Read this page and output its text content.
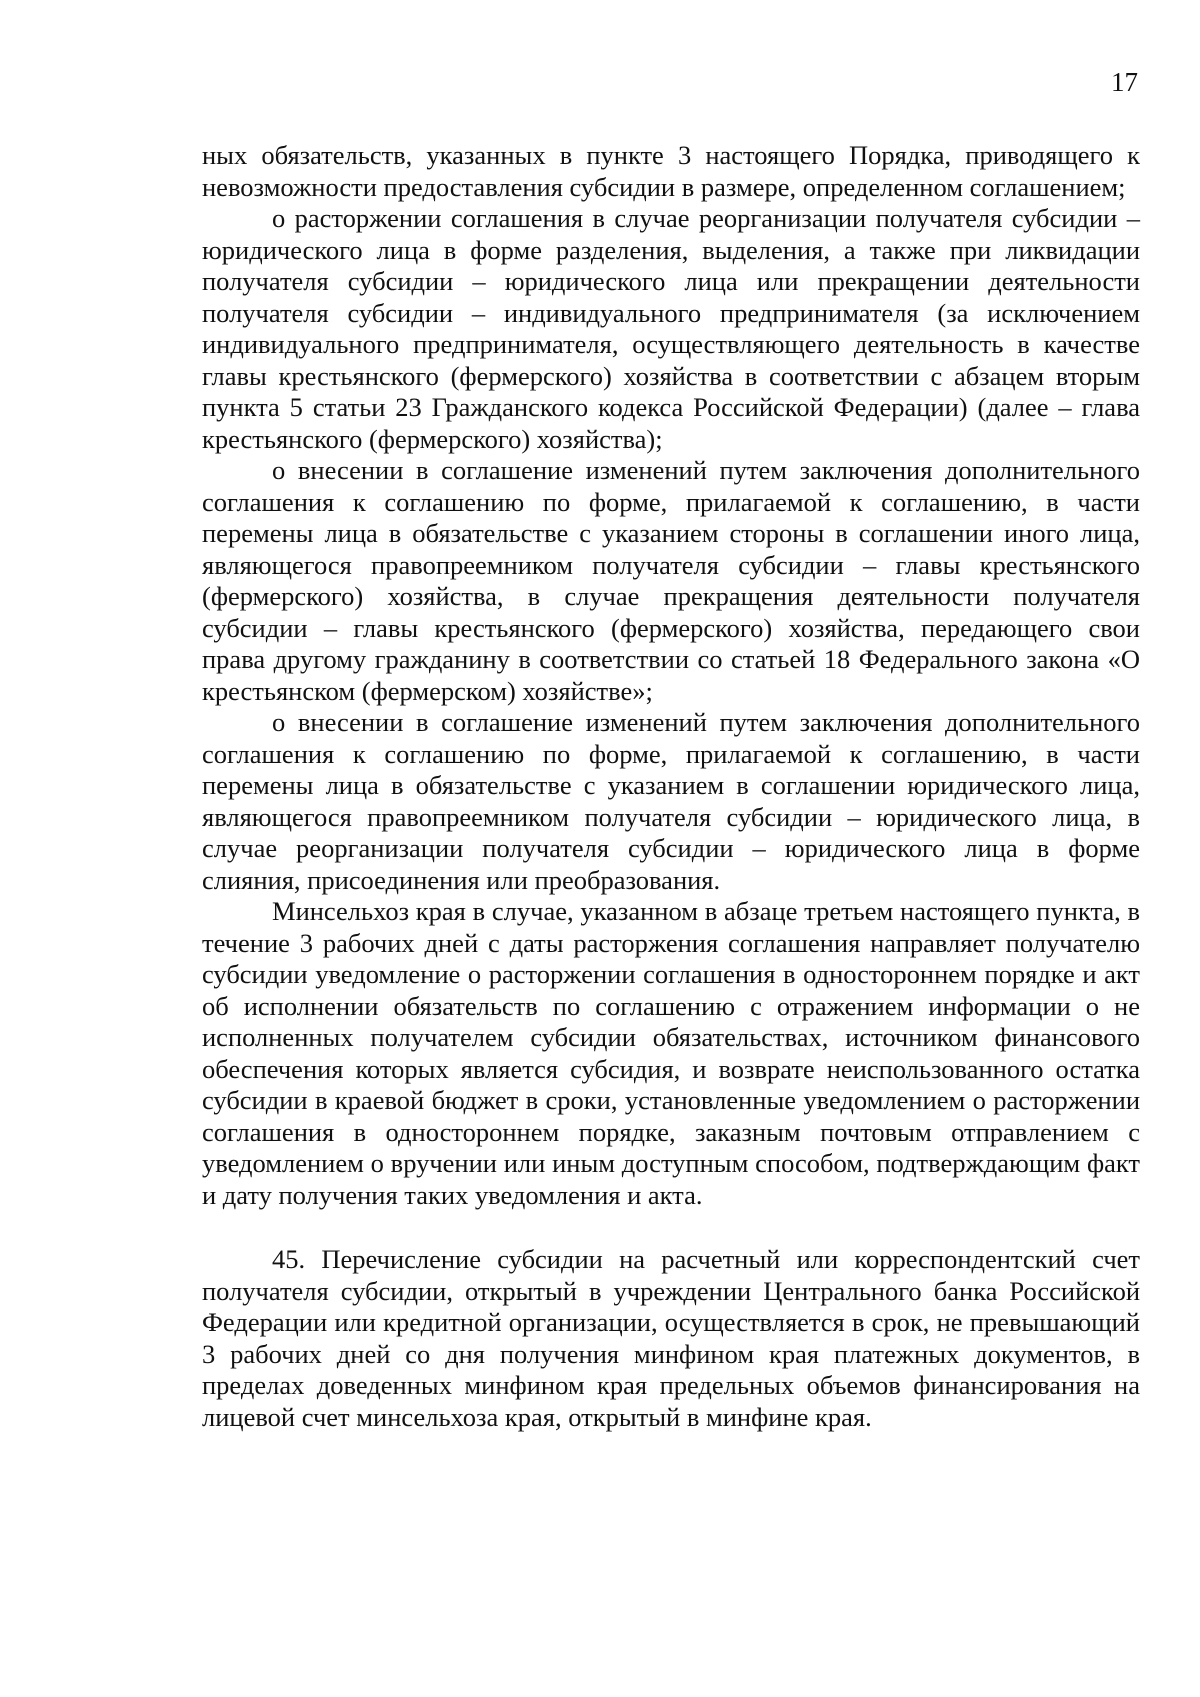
17

ных обязательств, указанных в пункте 3 настоящего Порядка, приводящего к невозможности предоставления субсидии в размере, определенном соглашением;

о расторжении соглашения в случае реорганизации получателя субсидии – юридического лица в форме разделения, выделения, а также при ликвидации получателя субсидии – юридического лица или прекращении деятельности получателя субсидии – индивидуального предпринимателя (за исключением индивидуального предпринимателя, осуществляющего деятельность в качестве главы крестьянского (фермерского) хозяйства в соответствии с абзацем вторым пункта 5 статьи 23 Гражданского кодекса Российской Федерации) (далее – глава крестьянского (фермерского) хозяйства);

о внесении в соглашение изменений путем заключения дополнительного соглашения к соглашению по форме, прилагаемой к соглашению, в части перемены лица в обязательстве с указанием стороны в соглашении иного лица, являющегося правопреемником получателя субсидии – главы крестьянского (фермерского) хозяйства, в случае прекращения деятельности получателя субсидии – главы крестьянского (фермерского) хозяйства, передающего свои права другому гражданину в соответствии со статьей 18 Федерального закона «О крестьянском (фермерском) хозяйстве»;

о внесении в соглашение изменений путем заключения дополнительного соглашения к соглашению по форме, прилагаемой к соглашению, в части перемены лица в обязательстве с указанием в соглашении юридического лица, являющегося правопреемником получателя субсидии – юридического лица, в случае реорганизации получателя субсидии – юридического лица в форме слияния, присоединения или преобразования.

Минсельхоз края в случае, указанном в абзаце третьем настоящего пункта, в течение 3 рабочих дней с даты расторжения соглашения направляет получателю субсидии уведомление о расторжении соглашения в одностороннем порядке и акт об исполнении обязательств по соглашению с отражением информации о не исполненных получателем субсидии обязательствах, источником финансового обеспечения которых является субсидия, и возврате неиспользованного остатка субсидии в краевой бюджет в сроки, установленные уведомлением о расторжении соглашения в одностороннем порядке, заказным почтовым отправлением с уведомлением о вручении или иным доступным способом, подтверждающим факт и дату получения таких уведомления и акта.

45. Перечисление субсидии на расчетный или корреспондентский счет получателя субсидии, открытый в учреждении Центрального банка Российской Федерации или кредитной организации, осуществляется в срок, не превышающий 3 рабочих дней со дня получения минфином края платежных документов, в пределах доведенных минфином края предельных объемов финансирования на лицевой счет минсельхоза края, открытый в минфине края.
